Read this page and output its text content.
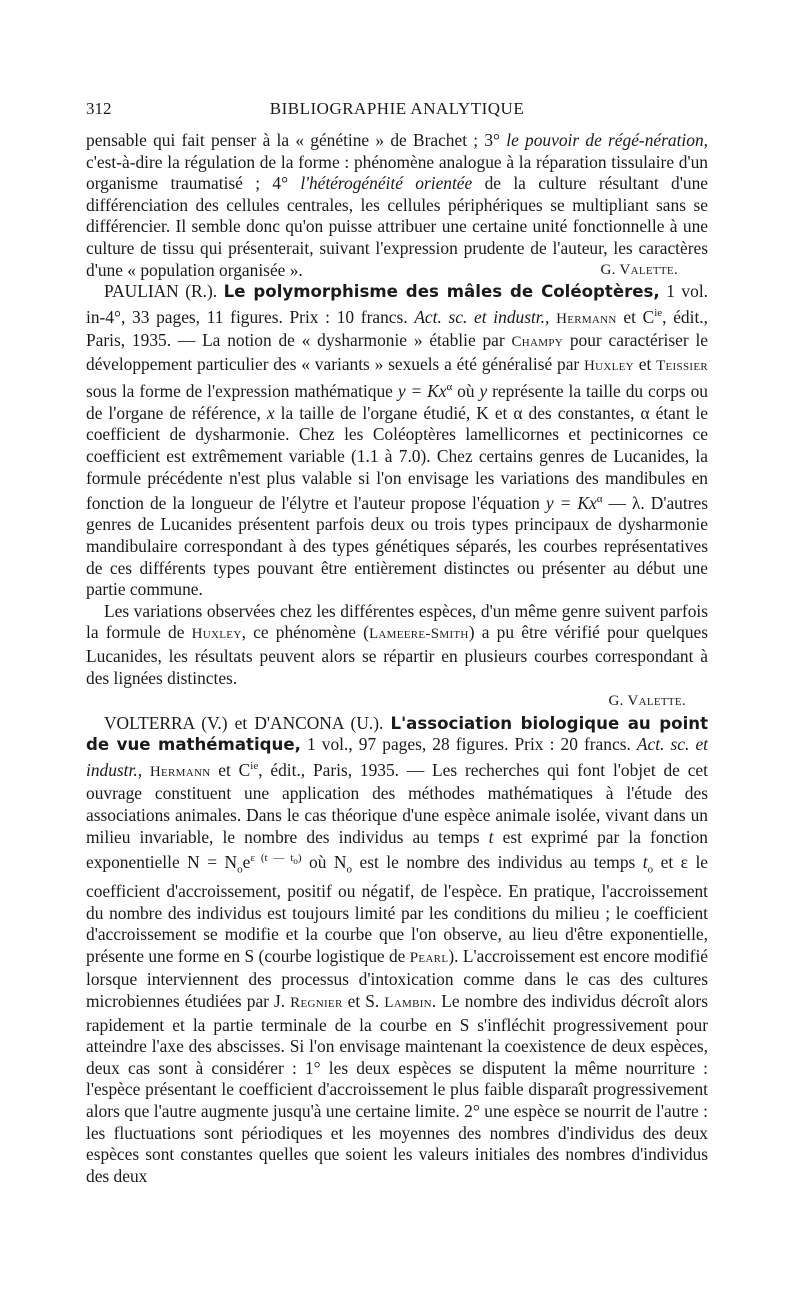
312	BIBLIOGRAPHIE ANALYTIQUE

pensable qui fait penser à la « génétine » de Brachet ; 3° le pouvoir de régé-nération, c'est-à-dire la régulation de la forme : phénomène analogue à la réparation tissulaire d'un organisme traumatisé ; 4° l'hétérogénéité orientée de la culture résultant d'une différenciation des cellules centrales, les cellules périphériques se multipliant sans se différencier. Il semble donc qu'on puisse attribuer une certaine unité fonctionnelle à une culture de tissu qui présenterait, suivant l'expression prudente de l'auteur, les caractères d'une « population organisée ».	G. Valette.

PAULIAN (R.). Le polymorphisme des mâles de Coléoptères, 1 vol. in-4°, 33 pages, 11 figures. Prix : 10 francs. Act. sc. et industr., Hermann et $C^{ie}$, édit., Paris, 1935. — La notion de « dysharmonie » établie par Champy pour caractériser le développement particulier des « variants » sexuels a été généralisé par Huxley et Teissier sous la forme de l'expression mathématique $y = Kx^\alpha$ où y représente la taille du corps ou de l'organe de référence, x la taille de l'organe étudié, K et α des constantes, α étant le coefficient de dysharmonie. Chez les Coléoptères lamellicornes et pectinicornes ce coefficient est extrêmement variable (1.1 à 7.0). Chez certains genres de Lucanides, la formule précédente n'est plus valable si l'on envisage les variations des mandibules en fonction de la longueur de l'élytre et l'auteur propose l'équation $y = Kx^\alpha$ — λ. D'autres genres de Lucanides présentent parfois deux ou trois types principaux de dysharmonie mandibulaire correspondant à des types génétiques séparés, les courbes représentatives de ces différents types pouvant être entièrement distinctes ou présenter au début une partie commune.

Les variations observées chez les différentes espèces, d'un même genre suivent parfois la formule de Huxley, ce phénomène (Lameere-Smith) a pu être vérifié pour quelques Lucanides, les résultats peuvent alors se répartir en plusieurs courbes correspondant à des lignées distinctes.

G. Valette.

VOLTERRA (V.) et D'ANCONA (U.). L'association biologique au point de vue mathématique, 1 vol., 97 pages, 28 figures. Prix : 20 francs. Act. sc. et industr., Hermann et $C^{ie}$, édit., Paris, 1935. — Les recherches qui font l'objet de cet ouvrage constituent une application des méthodes mathématiques à l'étude des associations animales. Dans le cas théorique d'une espèce animale isolée, vivant dans un milieu invariable, le nombre des individus au temps t est exprimé par la fonction exponentielle $N = N_oe^{\varepsilon (t — t_o)}$ où $N_o$ est le nombre des individus au temps $t_o$ et ε le coefficient d'accroissement, positif ou négatif, de l'espèce. En pratique, l'accroissement du nombre des individus est toujours limité par les conditions du milieu ; le coefficient d'accroissement se modifie et la courbe que l'on observe, au lieu d'être exponentielle, présente une forme en S (courbe logistique de Pearl). L'accroissement est encore modifié lorsque interviennent des processus d'intoxication comme dans le cas des cultures microbiennes étudiées par J. Regnier et S. Lambin. Le nombre des individus décroît alors rapidement et la partie terminale de la courbe en S s'infléchit progressivement pour atteindre l'axe des abscisses. Si l'on envisage maintenant la coexistence de deux espèces, deux cas sont à considérer : 1° les deux espèces se disputent la même nourriture : l'espèce présentant le coefficient d'accroissement le plus faible disparaît progressivement alors que l'autre augmente jusqu'à une certaine limite. 2° une espèce se nourrit de l'autre : les fluctuations sont périodiques et les moyennes des nombres d'individus des deux espèces sont constantes quelles que soient les valeurs initiales des nombres d'individus des deux
